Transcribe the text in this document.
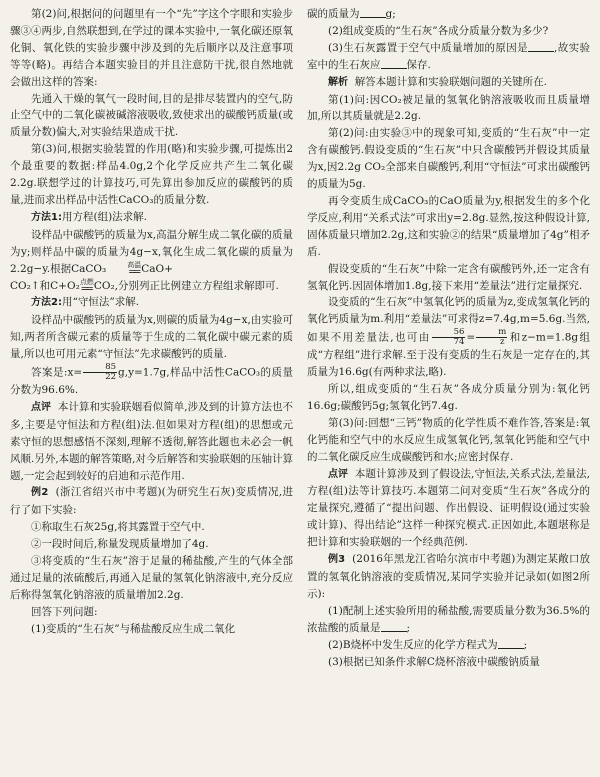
第(2)问,根据问的问题里有一个“先”字这个字眼和实验步骤③④两步,自然联想到,在学过的课本实验中,一氧化碳还原氧化铜、氧化铁的实验步骤中涉及到的先后顺序以及注意事项等等(略)。再结合本题实验目的并且注意防干扰,很自然地就会做出这样的答案:

先通入干燥的氧气一段时间,目的是排尽装置内的空气,防止空气中的二氧化碳被碱溶液吸收,致使求出的碳酸钙质量(或质量分数)偏大,对实验结果造成干扰.

第(3)问,根据实验装置的作用(略)和实验步骤,可提炼出2个最重要的数据:样品4.0g,2个化学反应共产生二氧化碳2.2g.联想学过的计算技巧,可先算出参加反应的碳酸钙的质量,进而求出样品中活性CaCO₃的质量分数.

方法1:用方程(组)法求解.

设样品中碳酸钙的质量为x,高温分解生成二氧化碳的质量为y;则样品中碳的质量为4g−x,氧化生成二氧化碳的质量为2.2g−y.根据CaCO₃	高温
══ CaO+

CO₂↑和C+O₂ 点燃
══ CO₂,分别列正比例建立方程组求解即可.

方法2:用“守恒法”求解.

设样品中碳酸钙的质量为x,则碳的质量为4g−x,由实验可知,两者所含碳元素的质量等于生成的二氧化碳中碳元素的质量,所以也可用元素“守恒法”先求碳酸钙的质量.

答案是:x= $\frac{85}{22} g,y=1.7g$,样品中活性CaCO₃的质量分数为96.6%.

点评 本计算和实验联姻看似简单,涉及到的计算方法也不多,主要是守恒法和方程(组)法.但如果对方程(组)的思想或元素守恒的思想感悟不深刻,理解不透彻,解答此题也未必会一帆风顺.另外,本题的解答策略,对今后解答和实验联姻的压轴计算题,一定会起到较好的启迪和示范作用.

例2 (浙江省绍兴市中考题)(为研究生石灰)变质情况,进行了如下实验:

①称取生石灰25g,将其露置于空气中.

②一段时间后,称量发现质量增加了4g.

③将变质的“生石灰”溶于足量的稀盐酸,产生的气体全部通过足量的浓硫酸后,再通入足量的氢氧化钠溶液中,充分反应后称得氢氧化钠溶液的质量增加2.2g.

回答下列问题:

(1)变质的“生石灰”与稀盐酸反应生成二氧化

碳的质量为 g;

(2)组成变质的“生石灰”各成分质量分数为多少?

(3)生石灰露置于空气中质量增加的原因是 ,故实验室中的生石灰应 保存.

解析 解答本题计算和实验联姻问题的关键所在.

第(1)问:因CO₂被足量的氢氧化钠溶液吸收而且质量增加,所以其质量就是2.2g.

第(2)问:由实验③中的现象可知,变质的“生石灰”中一定含有碳酸钙.假设变质的“生石灰”中只含碳酸钙并假设其质量为x,因2.2g CO₂全部来自碳酸钙,利用“守恒法”可求出碳酸钙的质量为5g.

再令变质生成CaCO₃的CaO质量为y,根据发生的多个化学反应,利用“关系式法”可求出y=2.8g.显然,按这种假设计算,固体质量只增加2.2g,这和实验②的结果“质量增加了4g”相矛盾.

假设变质的“生石灰”中除一定含有碳酸钙外,还一定含有氢氧化钙.因固体增加1.8g,接下来用“差量法”进行定量探究.

设变质的“生石灰”中氢氧化钙的质量为z,变成氢氧化钙的氧化钙质量为m.利用“差量法”可求得z=7.4g,m=5.6g.当然,如果不用差量法,也可由 $\frac{56}{74} = \frac{m}{z}$ 和z−m=1.8g组成“方程组”进行求解.至于没有变质的生石灰是一定存在的,其质量为16.6g(有两种求法,略).

所以,组成变质的“生石灰”各成分质量分别为:氧化钙16.6g;碳酸钙5g;氢氧化钙7.4g.

第(3)问:回想“三钙”物质的化学性质不难作答,答案是:氧化钙能和空气中的水反应生成氢氧化钙,氢氧化钙能和空气中的二氧化碳反应生成碳酸钙和水;应密封保存.

点评 本题计算涉及到了假设法,守恒法,关系式法,差量法,方程(组)法等计算技巧.本题第二问对变质“生石灰”各成分的定量探究,遵循了“提出问题、作出假设、证明假设(通过实验或计算)、得出结论”这样一种探究模式.正因如此,本题堪称是把计算和实验联姻的一个经典范例.

例3 (2016年黑龙江省哈尔滨市中考题)为测定某敞口放置的氢氧化钠溶液的变质情况,某同学实验并记录如(如图2所示):

(1)配制上述实验所用的稀盐酸,需要质量分数为36.5%的浓盐酸的质量是 ;

(2)B烧杯中发生反应的化学方程式为 ;

(3)根据已知条件求解C烧杯溶液中碳酸钠质量
